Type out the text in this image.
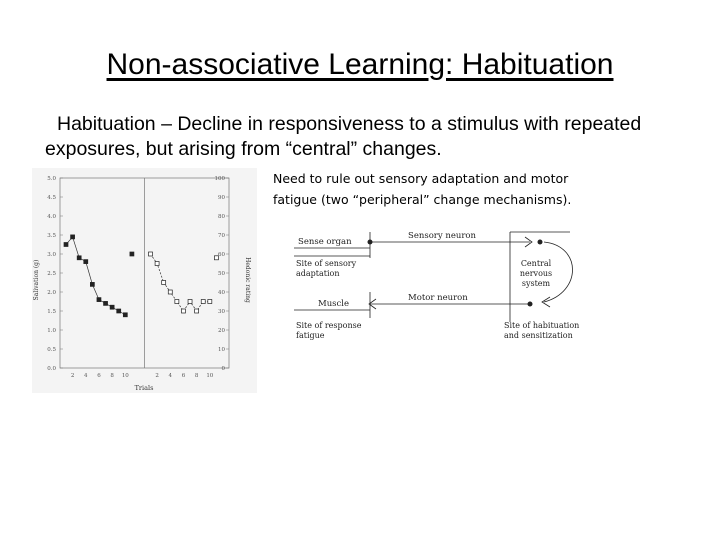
Non-associative Learning: Habituation
Habituation – Decline in responsiveness to a stimulus with repeated
exposures, but arising from “central” changes.
Need to rule out sensory adaptation and motor
fatigue (two “peripheral” change mechanisms).
0.0
0.5
1.0
1.5
2.0
2.5
3.0
3.5
4.0
4.5
5.0
0
10
20
30
40
50
60
70
80
90
100
2 4 6 8 10	2 4 6 8 10
Trials
Salivation (g)	Hedonic rating
Sense organ
Sensory neuron
Central
nervous
system
Site of sensory
adaptation
Muscle
Motor neuron
Site of response
fatigue
Site of habituation
and sensitization
